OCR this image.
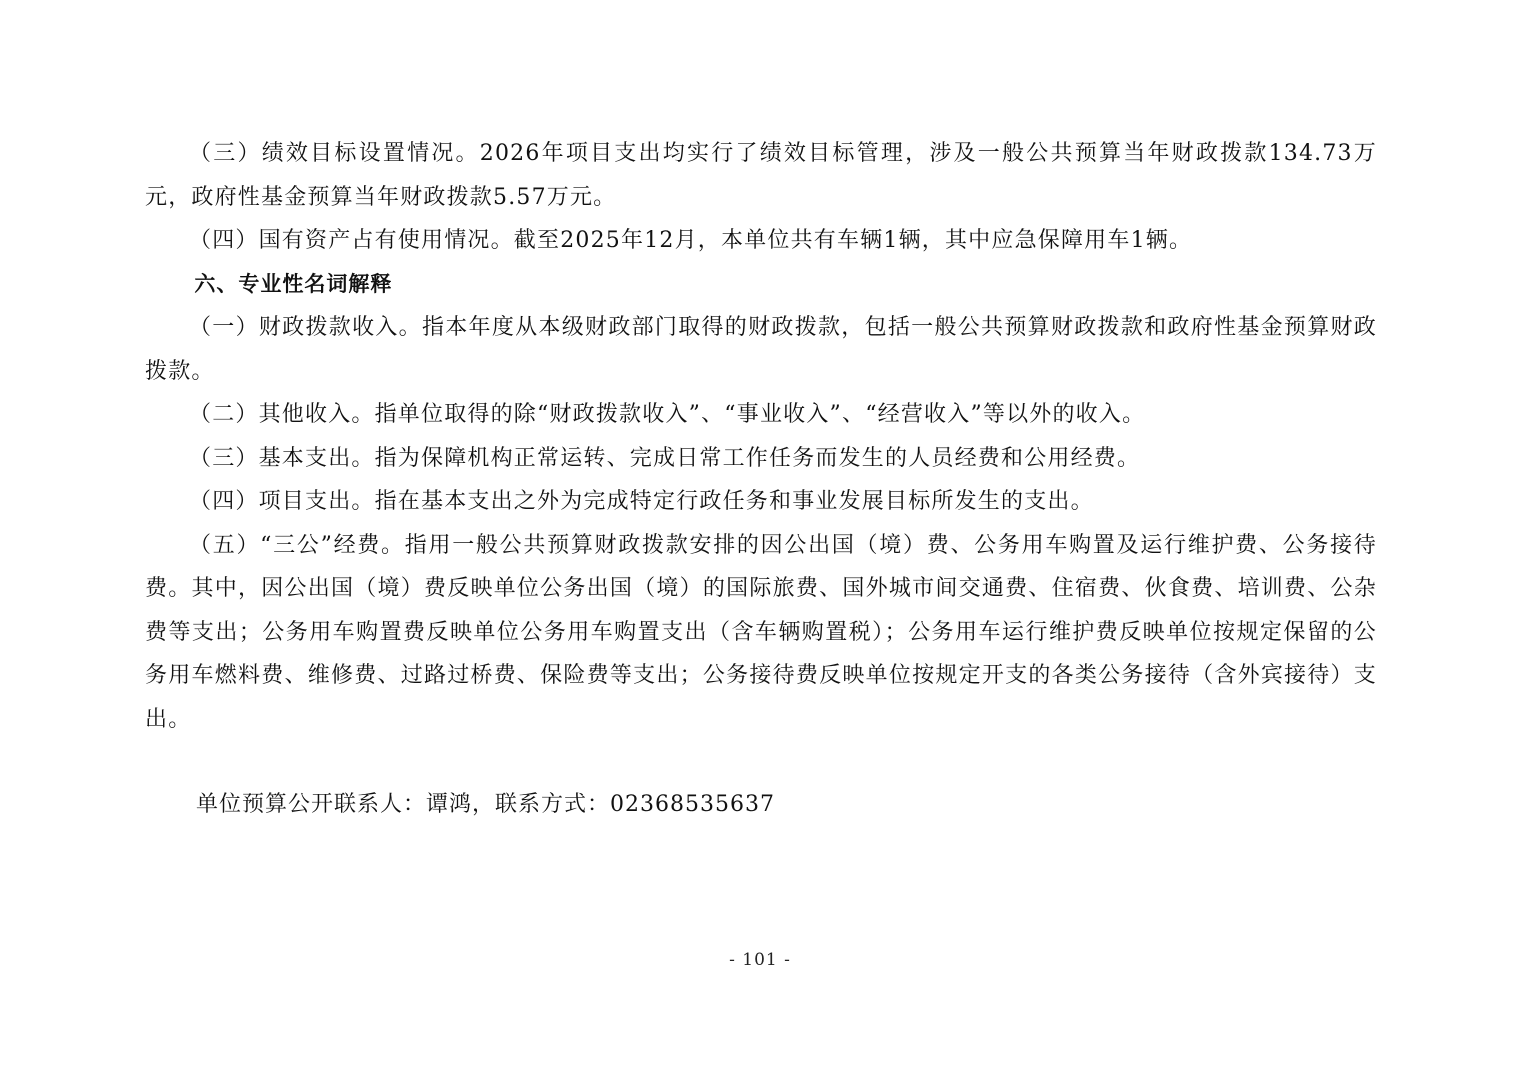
（三）绩效目标设置情况。2026年项目支出均实行了绩效目标管理，涉及一般公共预算当年财政拨款134.73万元，政府性基金预算当年财政拨款5.57万元。

（四）国有资产占有使用情况。截至2025年12月，本单位共有车辆1辆，其中应急保障用车1辆。

六、专业性名词解释

（一）财政拨款收入。指本年度从本级财政部门取得的财政拨款，包括一般公共预算财政拨款和政府性基金预算财政拨款。

（二）其他收入。指单位取得的除“财政拨款收入”、“事业收入”、“经营收入”等以外的收入。

（三）基本支出。指为保障机构正常运转、完成日常工作任务而发生的人员经费和公用经费。

（四）项目支出。指在基本支出之外为完成特定行政任务和事业发展目标所发生的支出。

（五）“三公”经费。指用一般公共预算财政拨款安排的因公出国（境）费、公务用车购置及运行维护费、公务接待费。其中，因公出国（境）费反映单位公务出国（境）的国际旅费、国外城市间交通费、住宿费、伙食费、培训费、公杂费等支出；公务用车购置费反映单位公务用车购置支出（含车辆购置税）；公务用车运行维护费反映单位按规定保留的公务用车燃料费、维修费、过路过桥费、保险费等支出；公务接待费反映单位按规定开支的各类公务接待（含外宾接待）支出。

单位预算公开联系人：谭鸿，联系方式：02368535637
- 101 -
